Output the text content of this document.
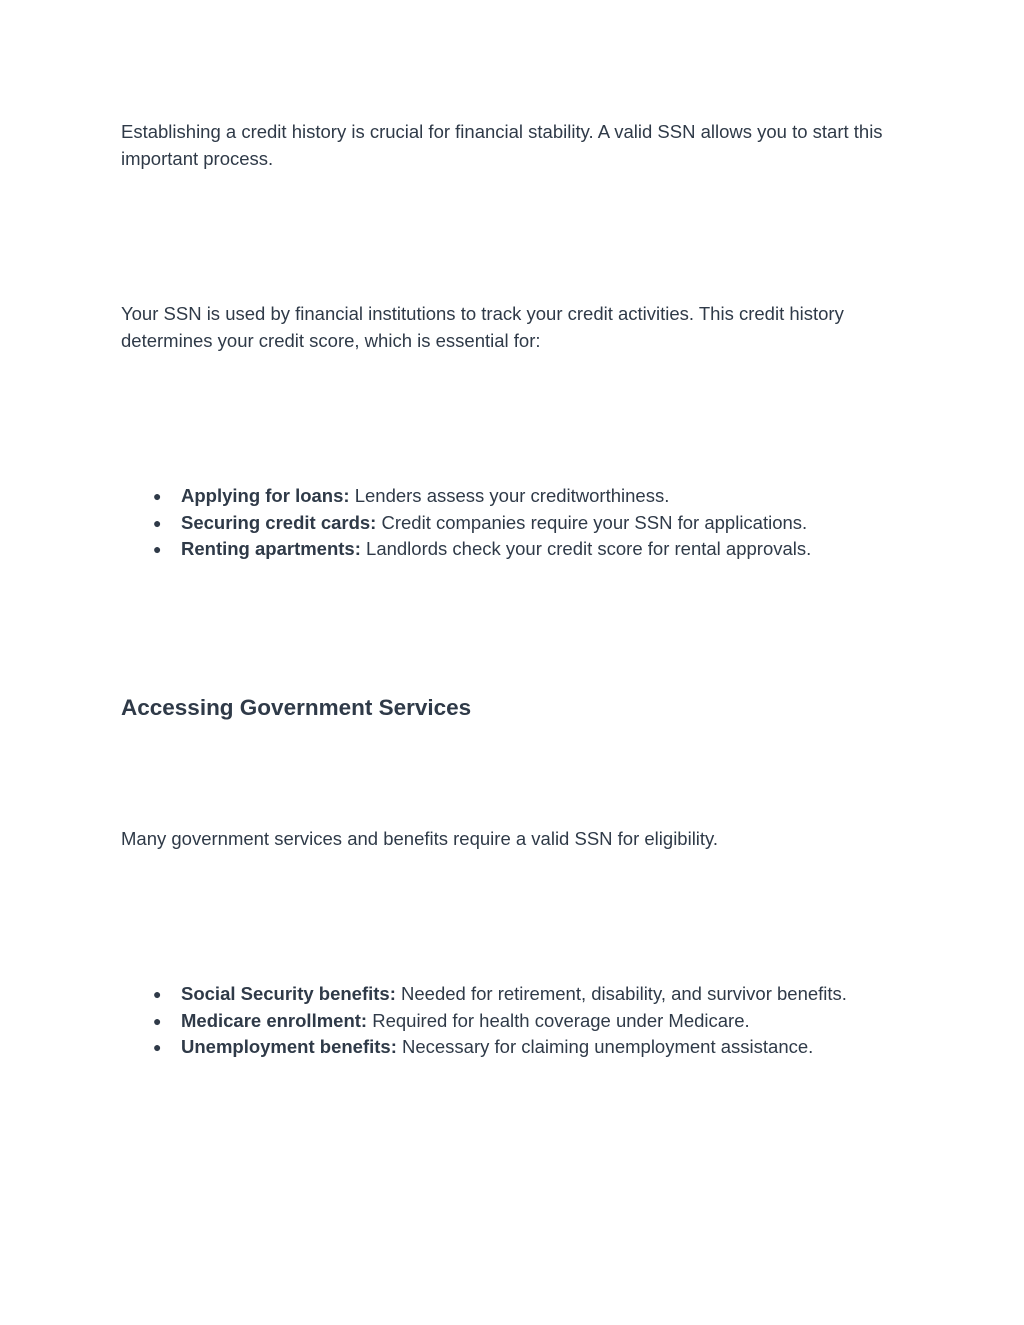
Establishing a credit history is crucial for financial stability. A valid SSN allows you to start this important process.

Your SSN is used by financial institutions to track your credit activities. This credit history determines your credit score, which is essential for:

● Applying for loans: Lenders assess your creditworthiness.
● Securing credit cards: Credit companies require your SSN for applications.
● Renting apartments: Landlords check your credit score for rental approvals.
Accessing Government Services

Many government services and benefits require a valid SSN for eligibility.

● Social Security benefits: Needed for retirement, disability, and survivor benefits.
● Medicare enrollment: Required for health coverage under Medicare.
● Unemployment benefits: Necessary for claiming unemployment assistance.
